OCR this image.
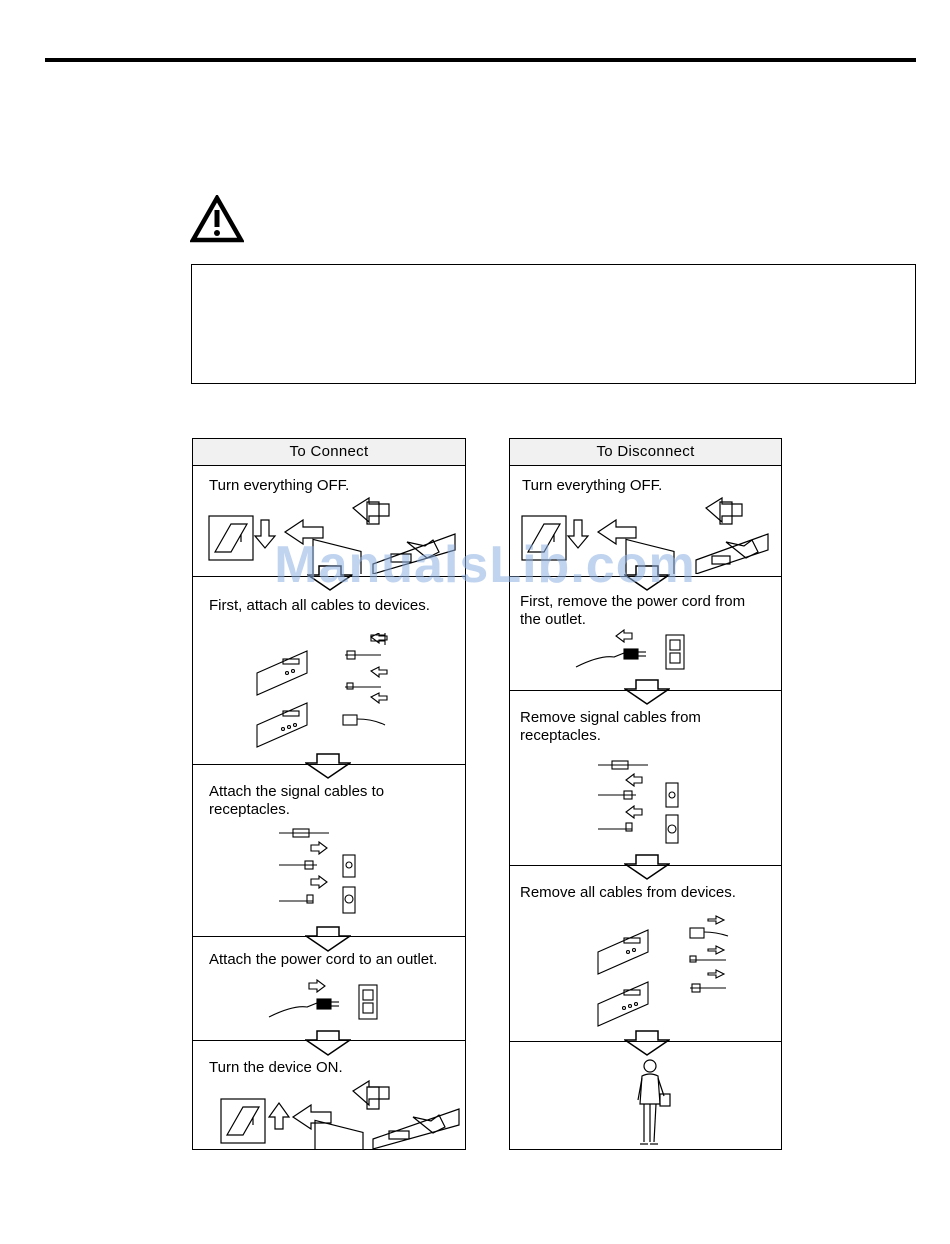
To Connect
Turn everything OFF.
First, attach all cables to devices.
Attach the signal cables to receptacles.
Attach the power cord to an outlet.
Turn the device ON.
To Disconnect
Turn everything OFF.
First, remove the power cord from the outlet.
Remove signal cables from receptacles.
Remove all cables from devices.
ManualsLib.com
